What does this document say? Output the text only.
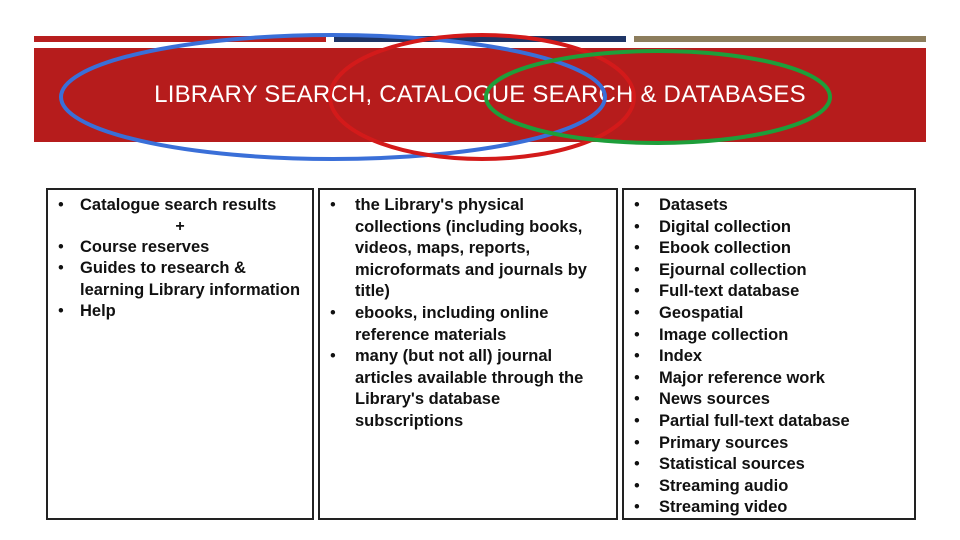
LIBRARY SEARCH, CATALOGUE SEARCH & DATABASES
• Catalogue search results
+
• Course reserves
• Guides to research & learning Library information
• Help
• the Library's physical collections (including books, videos, maps, reports, microformats and journals by title)
• ebooks, including online reference materials
• many (but not all) journal articles available through the Library's database subscriptions
• Datasets
• Digital collection
• Ebook collection
• Ejournal collection
• Full-text database
• Geospatial
• Image collection
• Index
• Major reference work
• News sources
• Partial full-text database
• Primary sources
• Statistical sources
• Streaming audio
• Streaming video
